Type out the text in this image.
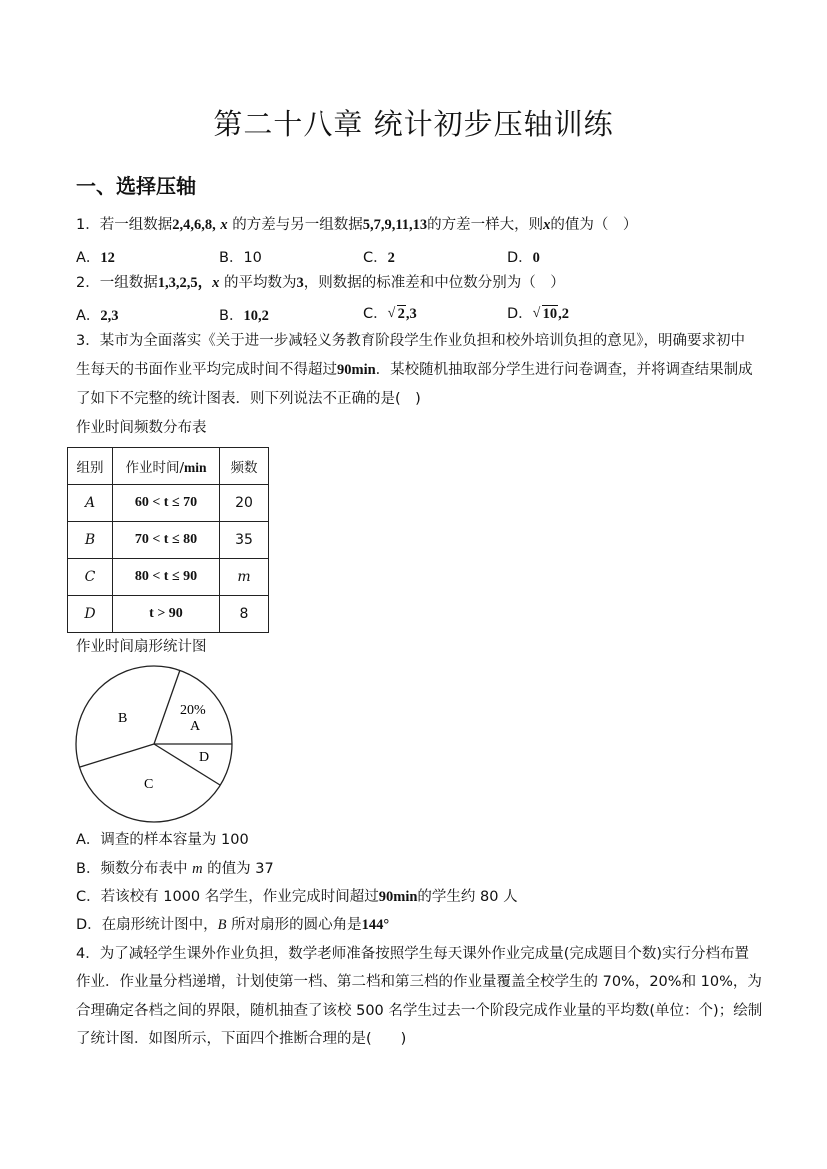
第二十八章 统计初步压轴训练
一、选择压轴
1．若一组数据2,4,6,8, x 的方差与另一组数据5,7,9,11,13的方差一样大，则x的值为（　）
A．12	B．10	C．2	D．0
2．一组数据1,3,2,5，x 的平均数为3，则数据的标准差和中位数分别为（　）
A．2,3	B．10,2	C． √ 2,3	D． √ 10,2
3．某市为全面落实《关于进一步减轻义务教育阶段学生作业负担和校外培训负担的意见》，明确要求初中
生每天的书面作业平均完成时间不得超过90min．某校随机抽取部分学生进行问卷调查，并将调查结果制成
了如下不完整的统计图表．则下列说法不正确的是(　)
作业时间频数分布表
组别	作业时间/min	频数
A	60 < t ≤ 70	20
B	70 < t ≤ 80	35
C	80 < t ≤ 90	m
D	t > 90	8
作业时间扇形统计图
B
20%
A
D
C
A．调查的样本容量为 100
B．频数分布表中 m 的值为 37
C．若该校有 1000 名学生，作业完成时间超过90min的学生约 80 人
D．在扇形统计图中，B 所对扇形的圆心角是144°
4．为了减轻学生课外作业负担，数学老师准备按照学生每天课外作业完成量(完成题目个数)实行分档布置
作业．作业量分档递增，计划使第一档、第二档和第三档的作业量覆盖全校学生的 70%，20%和 10%，为
合理确定各档之间的界限，随机抽查了该校 500 名学生过去一个阶段完成作业量的平均数(单位：个)；绘制
了统计图．如图所示，下面四个推断合理的是(　　)
